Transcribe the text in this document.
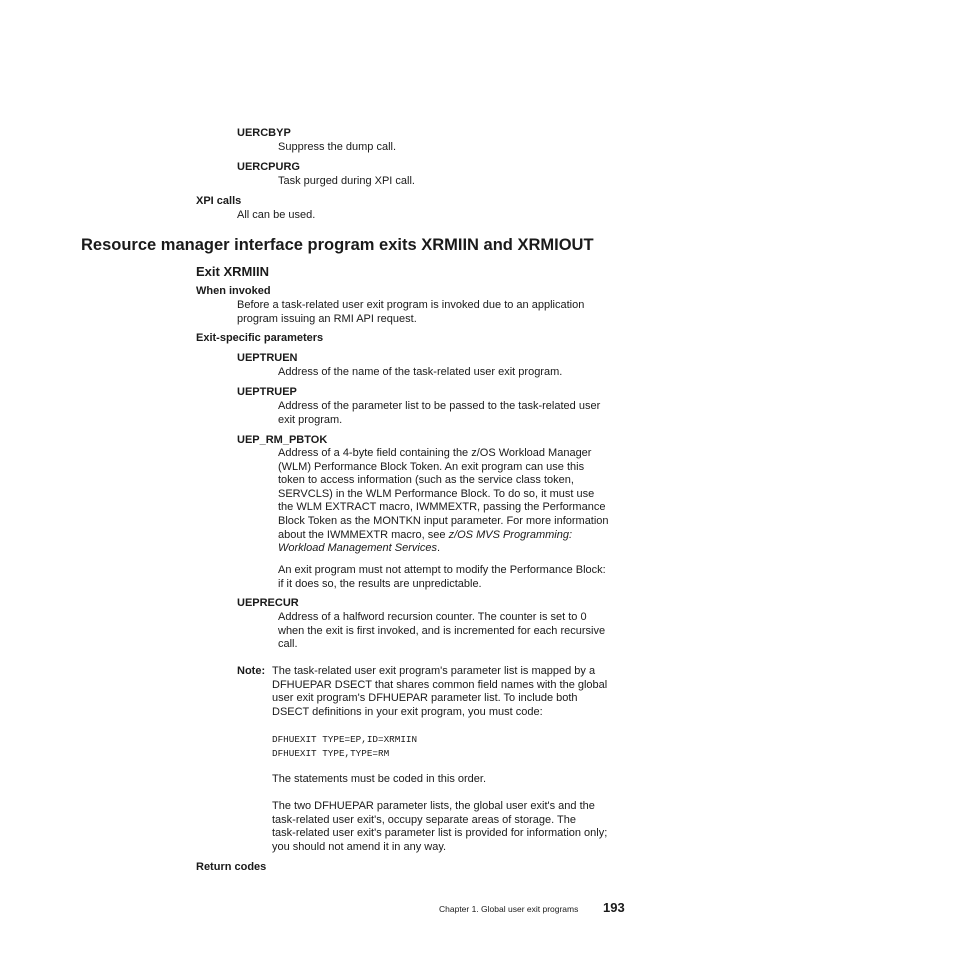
UERCBYP
Suppress the dump call.
UERCPURG
Task purged during XPI call.
XPI calls
All can be used.
Resource manager interface program exits XRMIIN and XRMIOUT
Exit XRMIIN
When invoked
Before a task-related user exit program is invoked due to an application
program issuing an RMI API request.
Exit-specific parameters
UEPTRUEN
Address of the name of the task-related user exit program.
UEPTRUEP
Address of the parameter list to be passed to the task-related user
exit program.
UEP_RM_PBTOK
Address of a 4-byte field containing the z/OS Workload Manager
(WLM) Performance Block Token. An exit program can use this
token to access information (such as the service class token,
SERVCLS) in the WLM Performance Block. To do so, it must use
the WLM EXTRACT macro, IWMMEXTR, passing the Performance
Block Token as the MONTKN input parameter. For more information
about the IWMMEXTR macro, see z/OS MVS Programming:
Workload Management Services.
An exit program must not attempt to modify the Performance Block:
if it does so, the results are unpredictable.
UEPRECUR
Address of a halfword recursion counter. The counter is set to 0
when the exit is first invoked, and is incremented for each recursive
call.
Note: The task-related user exit program's parameter list is mapped by a
DFHUEPAR DSECT that shares common field names with the global
user exit program's DFHUEPAR parameter list. To include both
DSECT definitions in your exit program, you must code:
DFHUEXIT TYPE=EP,ID=XRMIIN
DFHUEXIT TYPE,TYPE=RM
The statements must be coded in this order.
The two DFHUEPAR parameter lists, the global user exit's and the
task-related user exit's, occupy separate areas of storage. The
task-related user exit's parameter list is provided for information only;
you should not amend it in any way.
Return codes
Chapter 1. Global user exit programs 193
